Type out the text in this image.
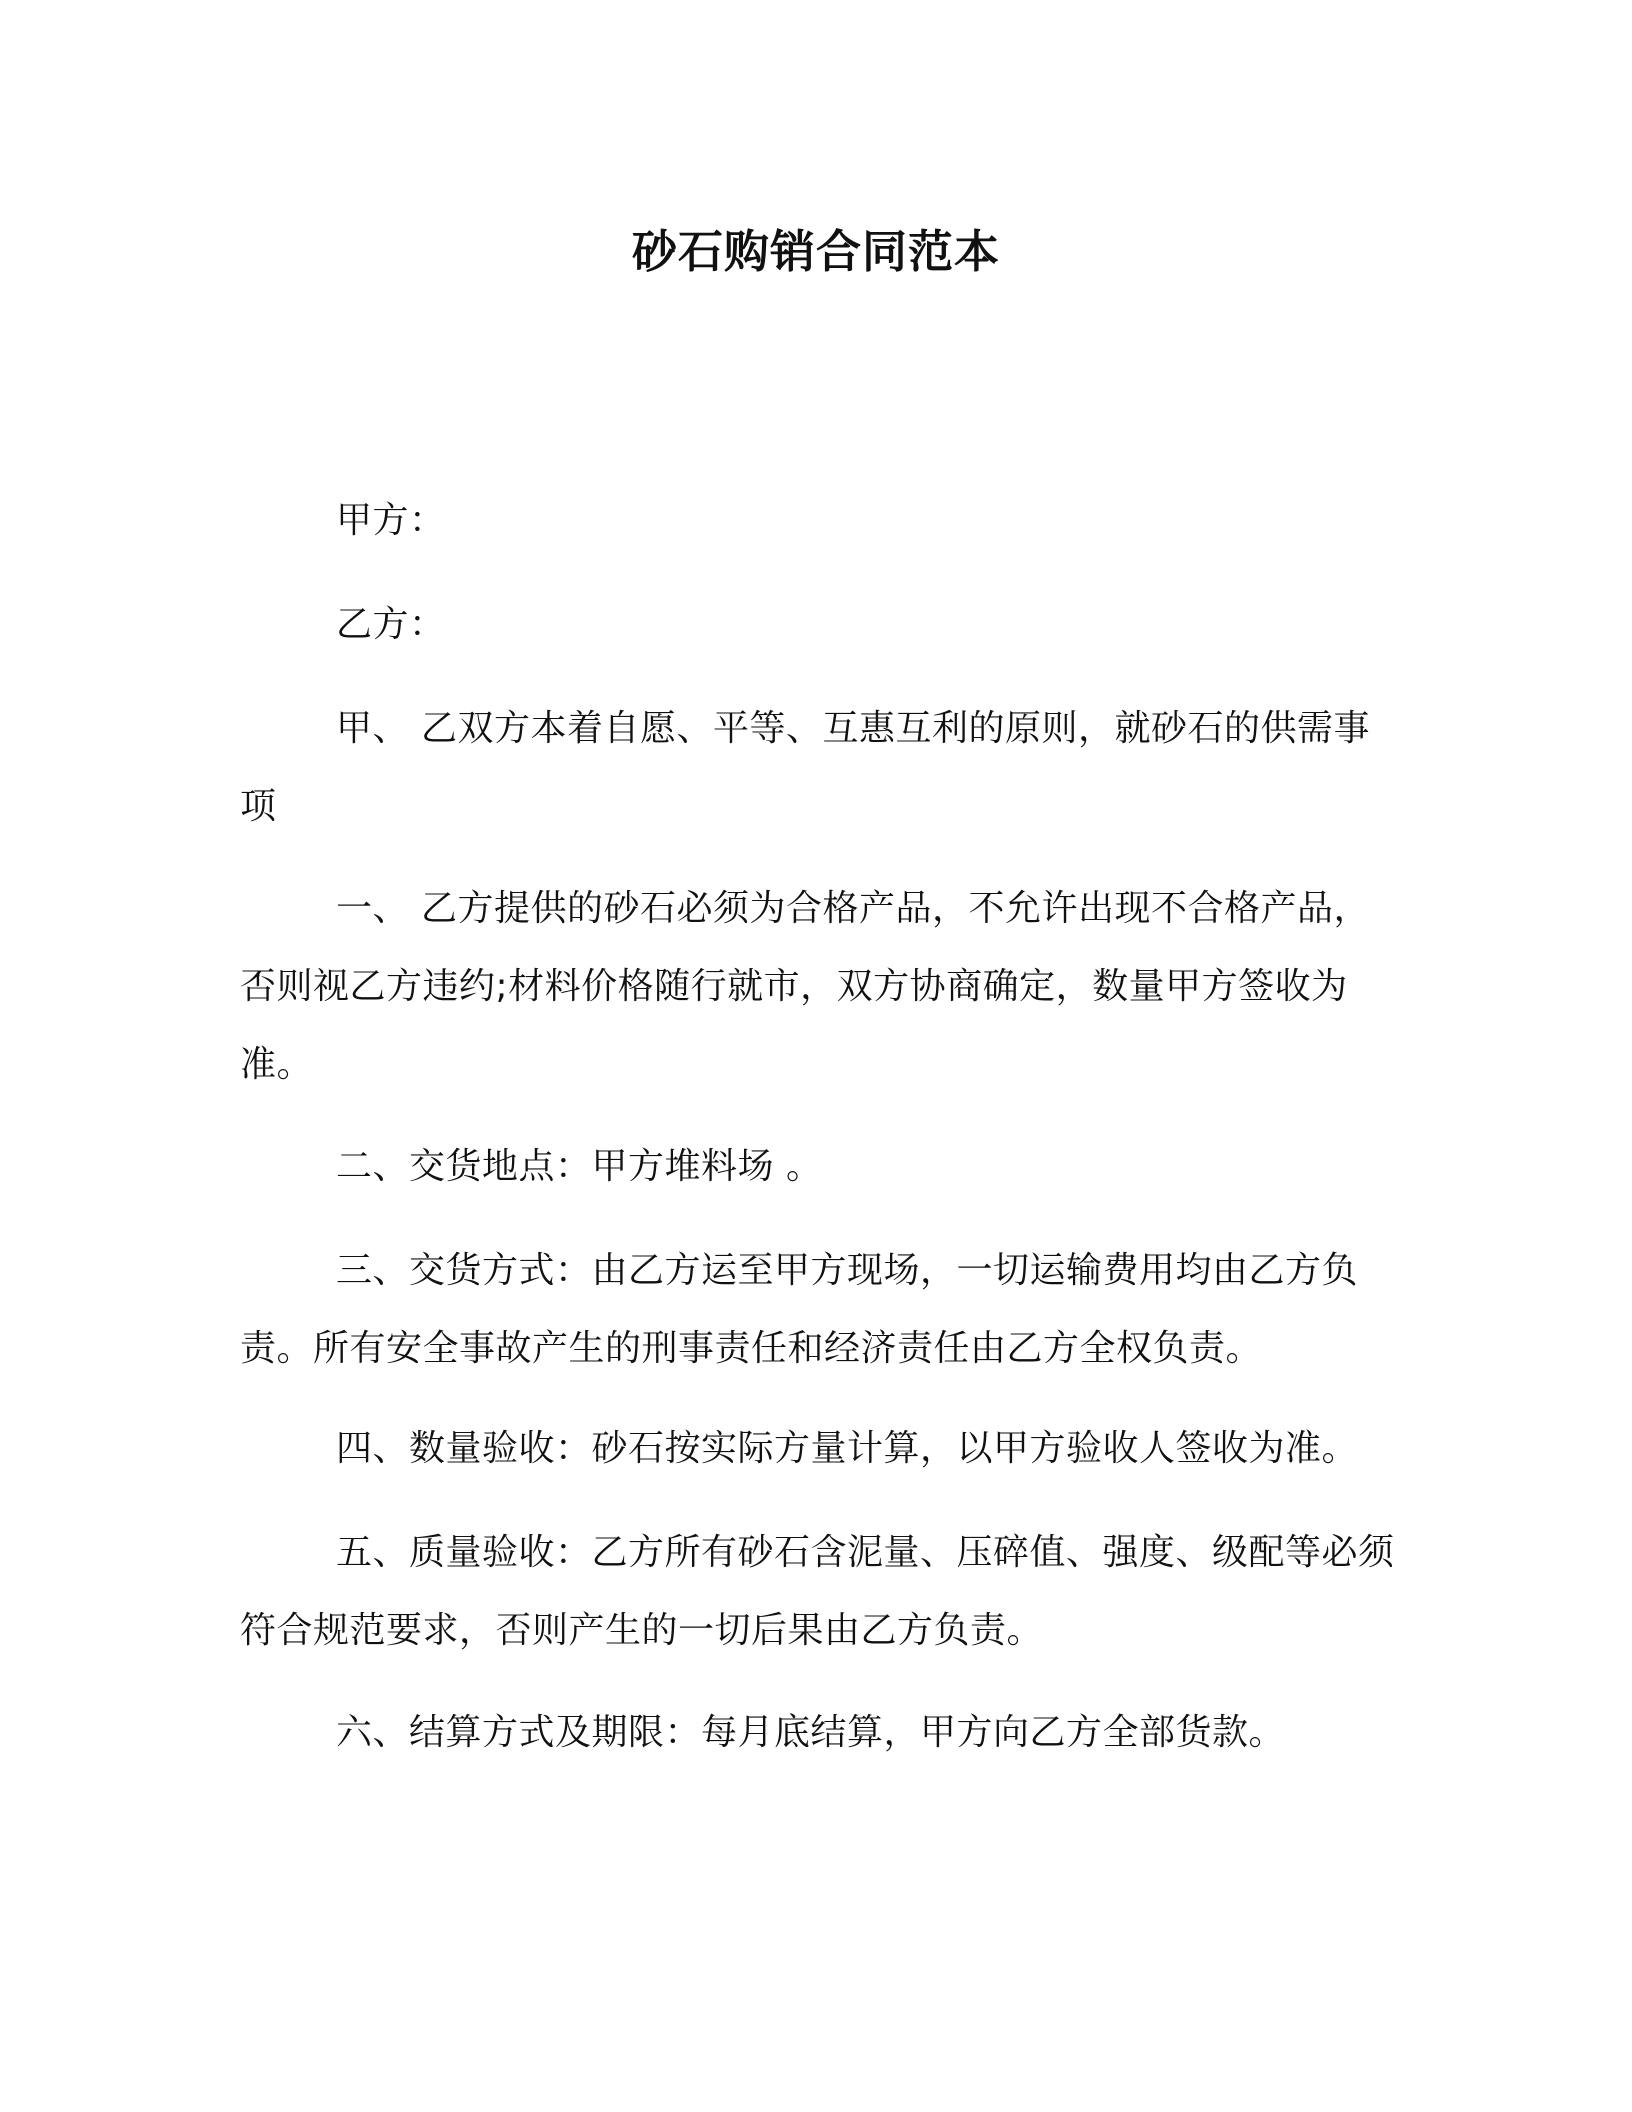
砂石购销合同范本
甲方：
乙方：
甲、 乙双方本着自愿、平等、互惠互利的原则，就砂石的供需事项
一、 乙方提供的砂石必须为合格产品，不允许出现不合格产品，否则视乙方违约;材料价格随行就市，双方协商确定，数量甲方签收为准。
二、交货地点：甲方堆料场 。
三、交货方式：由乙方运至甲方现场，一切运输费用均由乙方负责。所有安全事故产生的刑事责任和经济责任由乙方全权负责。
四、数量验收：砂石按实际方量计算，以甲方验收人签收为准。
五、质量验收：乙方所有砂石含泥量、压碎值、强度、级配等必须符合规范要求，否则产生的一切后果由乙方负责。
六、结算方式及期限：每月底结算，甲方向乙方全部货款。
